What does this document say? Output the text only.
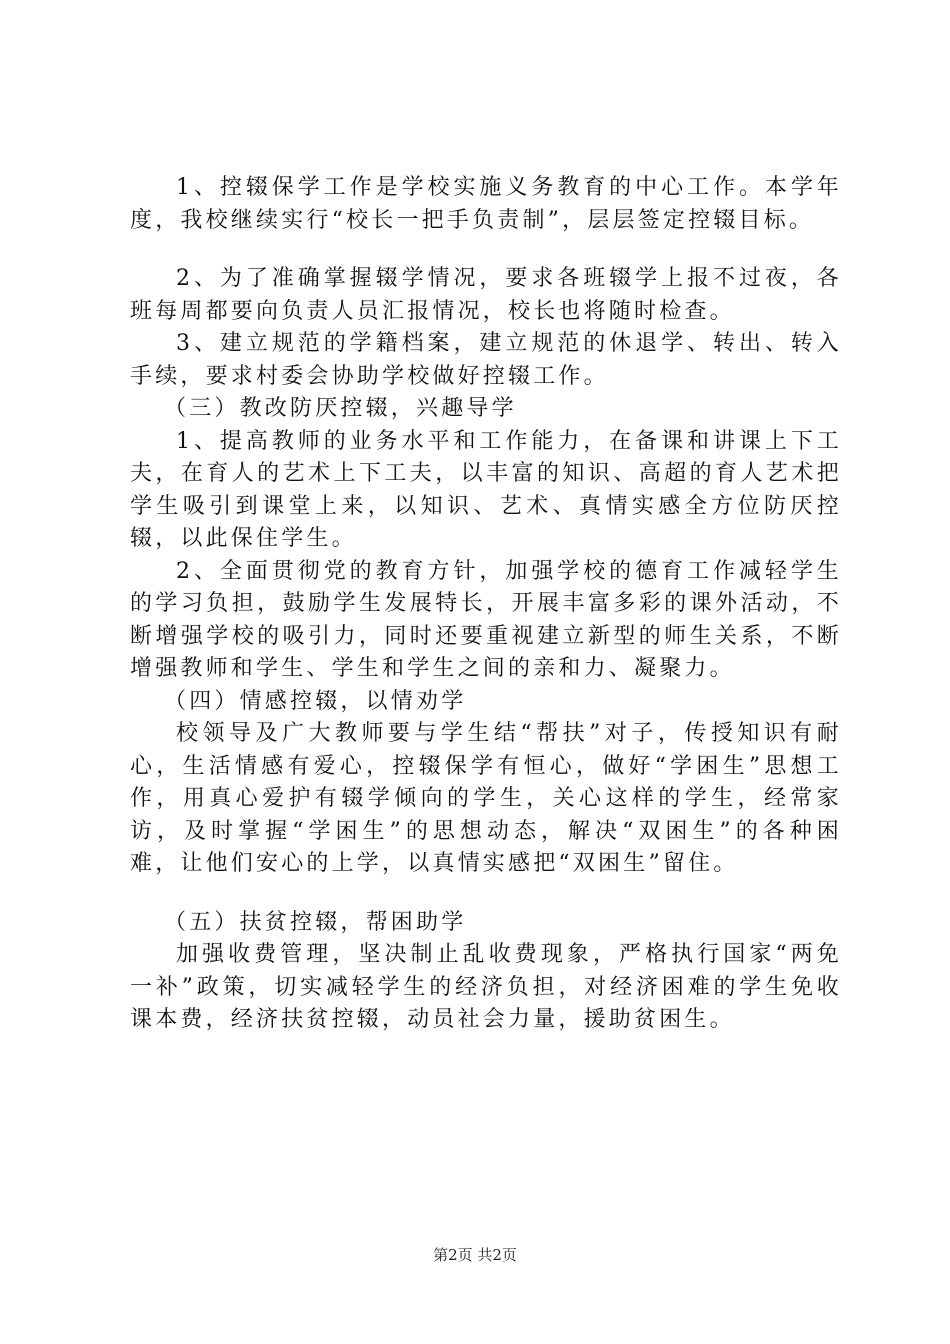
1、控辍保学工作是学校实施义务教育的中心工作。本学年度，我校继续实行“校长一把手负责制”，层层签定控辍目标。

2、为了准确掌握辍学情况，要求各班辍学上报不过夜，各班每周都要向负责人员汇报情况，校长也将随时检查。

3、建立规范的学籍档案，建立规范的休退学、转出、转入手续，要求村委会协助学校做好控辍工作。

（三）教改防厌控辍，兴趣导学

1、提高教师的业务水平和工作能力，在备课和讲课上下工夫，在育人的艺术上下工夫，以丰富的知识、高超的育人艺术把学生吸引到课堂上来，以知识、艺术、真情实感全方位防厌控辍，以此保住学生。

2、全面贯彻党的教育方针，加强学校的德育工作减轻学生的学习负担，鼓励学生发展特长，开展丰富多彩的课外活动，不断增强学校的吸引力，同时还要重视建立新型的师生关系，不断增强教师和学生、学生和学生之间的亲和力、凝聚力。

（四）情感控辍，以情劝学

校领导及广大教师要与学生结“帮扶”对子，传授知识有耐心，生活情感有爱心，控辍保学有恒心，做好“学困生”思想工作，用真心爱护有辍学倾向的学生，关心这样的学生，经常家访，及时掌握“学困生”的思想动态，解决“双困生”的各种困难，让他们安心的上学，以真情实感把“双困生”留住。

（五）扶贫控辍，帮困助学

加强收费管理，坚决制止乱收费现象，严格执行国家“两免一补”政策，切实减轻学生的经济负担，对经济困难的学生免收课本费，经济扶贫控辍，动员社会力量，援助贫困生。

第2页 共2页
